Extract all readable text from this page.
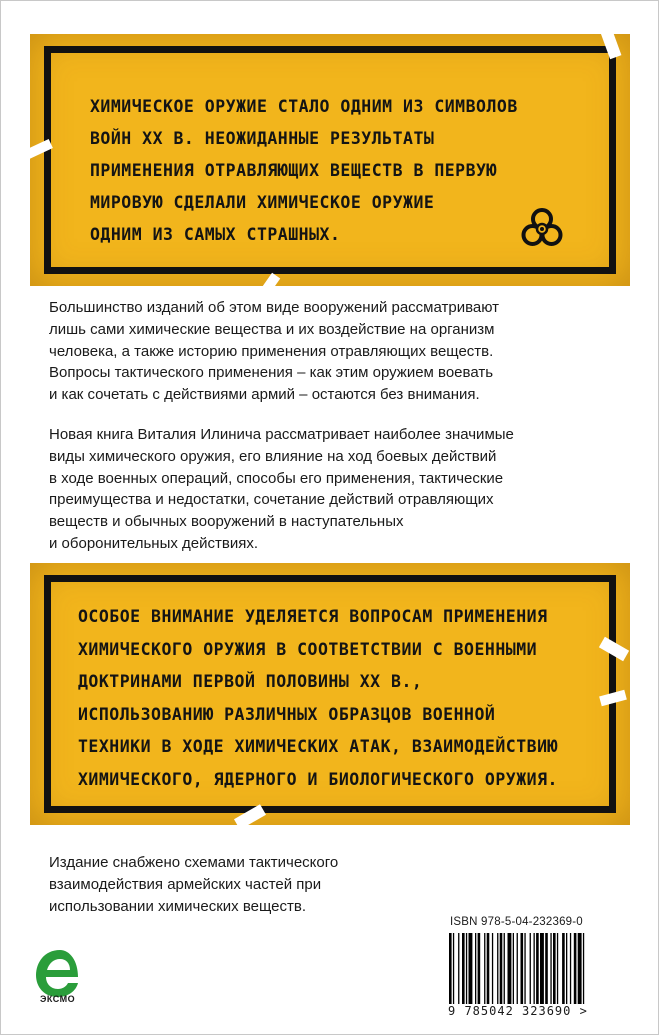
ХИМИЧЕСКОЕ ОРУЖИЕ СТАЛО ОДНИМ ИЗ СИМВОЛОВ
ВОЙН XX В. НЕОЖИДАННЫЕ РЕЗУЛЬТАТЫ
ПРИМЕНЕНИЯ ОТРАВЛЯЮЩИХ ВЕЩЕСТВ В ПЕРВУЮ
МИРОВУЮ СДЕЛАЛИ ХИМИЧЕСКОЕ ОРУЖИЕ
ОДНИМ ИЗ САМЫХ СТРАШНЫХ.
Большинство изданий об этом виде вооружений рассматривают
лишь сами химические вещества и их воздействие на организм
человека, а также историю применения отравляющих веществ.
Вопросы тактического применения – как этим оружием воевать
и как сочетать с действиями армий – остаются без внимания.
Новая книга Виталия Илинича рассматривает наиболее значимые
виды химического оружия, его влияние на ход боевых действий
в ходе военных операций, способы его применения, тактические
преимущества и недостатки, сочетание действий отравляющих
веществ и обычных вооружений в наступательных
и оборонительных действиях.
ОСОБОЕ ВНИМАНИЕ УДЕЛЯЕТСЯ ВОПРОСАМ ПРИМЕНЕНИЯ
ХИМИЧЕСКОГО ОРУЖИЯ В СООТВЕТСТВИИ С ВОЕННЫМИ
ДОКТРИНАМИ ПЕРВОЙ ПОЛОВИНЫ XX В.,
ИСПОЛЬЗОВАНИЮ РАЗЛИЧНЫХ ОБРАЗЦОВ ВОЕННОЙ
ТЕХНИКИ В ХОДЕ ХИМИЧЕСКИХ АТАК, ВЗАИМОДЕЙСТВИЮ
ХИМИЧЕСКОГО, ЯДЕРНОГО И БИОЛОГИЧЕСКОГО ОРУЖИЯ.
Издание снабжено схемами тактического
взаимодействия армейских частей при
использовании химических веществ.
ЭКСМО
ISBN 978-5-04-232369-0
9 785042 323690 >
